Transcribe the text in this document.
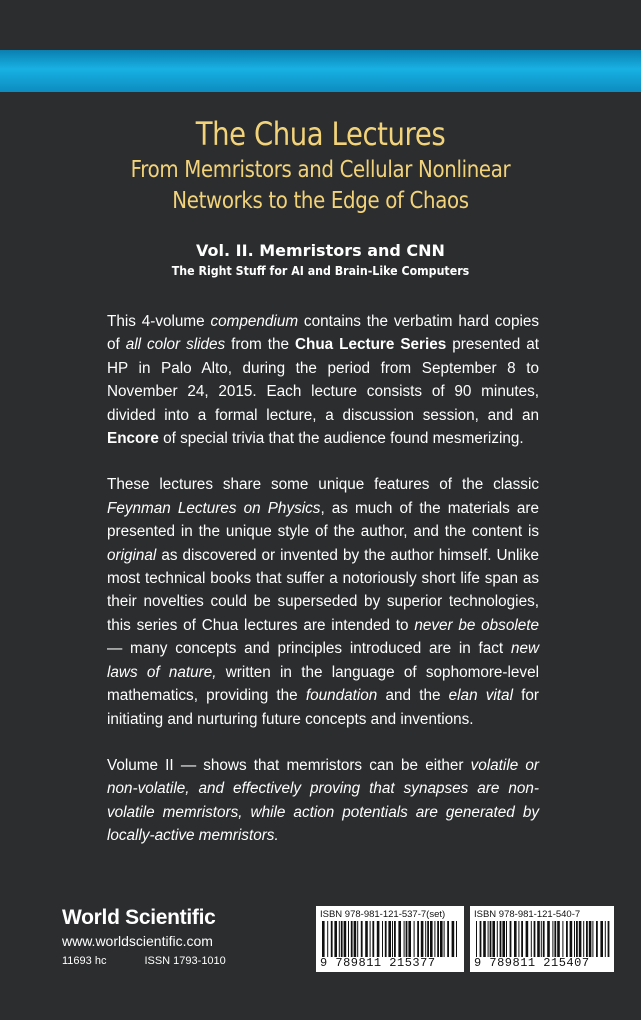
The Chua Lectures
From Memristors and Cellular Nonlinear
Networks to the Edge of Chaos
Vol. II. Memristors and CNN
The Right Stuff for AI and Brain-Like Computers

This 4-volume compendium contains the verbatim hard copies of all color slides from the Chua Lecture Series presented at HP in Palo Alto, during the period from September 8 to November 24, 2015. Each lecture consists of 90 minutes, divided into a formal lecture, a discussion session, and an Encore of special trivia that the audience found mesmerizing.

These lectures share some unique features of the classic Feynman Lectures on Physics, as much of the materials are presented in the unique style of the author, and the content is original as discovered or invented by the author himself. Unlike most technical books that suffer a notoriously short life span as their novelties could be superseded by superior technologies, this series of Chua lectures are intended to never be obsolete — many concepts and principles introduced are in fact new laws of nature, written in the language of sophomore-level mathematics, providing the foundation and the elan vital for initiating and nurturing future concepts and inventions.

Volume II — shows that memristors can be either volatile or non-volatile, and effectively proving that synapses are non-volatile memristors, while action potentials are generated by locally-active memristors.

World Scientific
www.worldscientific.com
11693 hc	ISSN 1793-1010
ISBN 978-981-121-537-7(set)
9 789811 215377
ISBN 978-981-121-540-7
9 789811 215407
